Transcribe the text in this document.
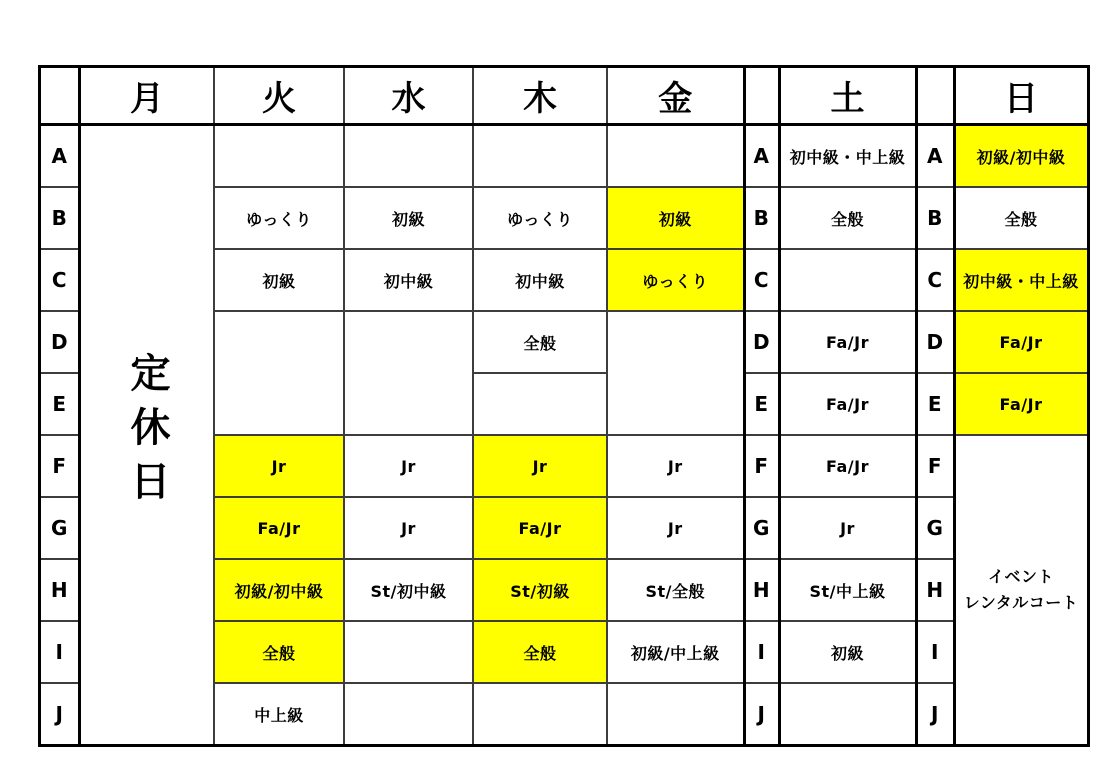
	月	火	水	木	金		土		日
A	定休日					A	初中級・中上級	A	初級/初中級
B		ゆっくり	初級	ゆっくり	初級	B	全般	B	全般
C		初級	初中級	初中級	ゆっくり	C		C	初中級・中上級
D				全般		D	Fa/Jr	D	Fa/Jr
E						E	Fa/Jr	E	Fa/Jr
F		Jr	Jr	Jr	Jr	F	Fa/Jr	F	イベント
レンタルコート

G		Fa/Jr	Jr	Fa/Jr	Jr	G	Jr	G	
H		初級/初中級	St/初中級	St/初級	St/全般	H	St/中上級	H	
I		全般		全般	初級/中上級	I	初級	I	
J		中上級				J		J	
